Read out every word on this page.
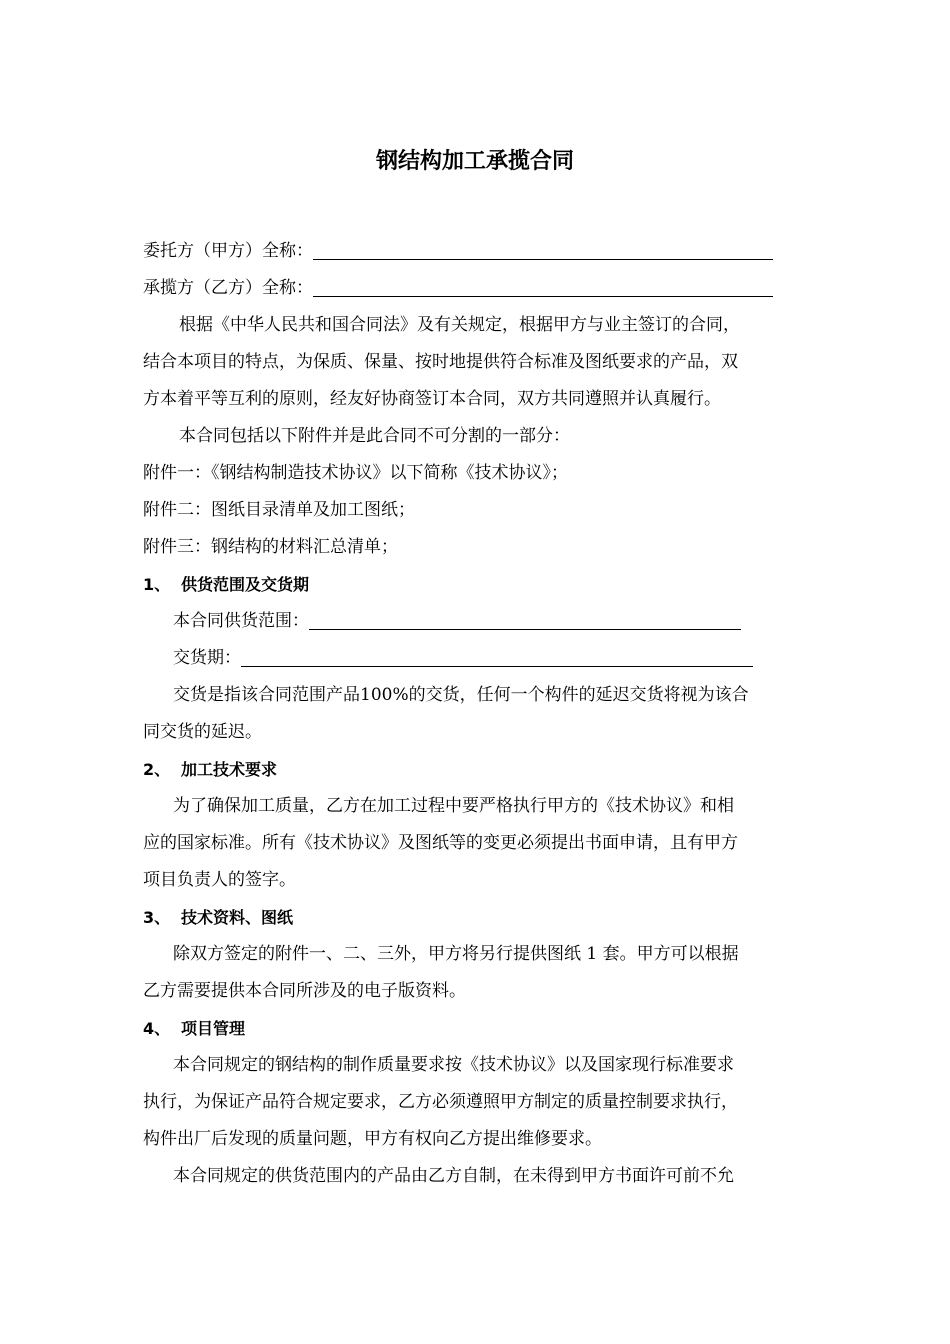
钢结构加工承揽合同
委托方（甲方）全称：
承揽方（乙方）全称：
根据《中华人民共和国合同法》及有关规定，根据甲方与业主签订的合同，
结合本项目的特点，为保质、保量、按时地提供符合标准及图纸要求的产品，双
方本着平等互利的原则，经友好协商签订本合同，双方共同遵照并认真履行。
本合同包括以下附件并是此合同不可分割的一部分：
附件一：《钢结构制造技术协议》以下简称《技术协议》；
附件二：图纸目录清单及加工图纸；
附件三：钢结构的材料汇总清单；
1、 供货范围及交货期
本合同供货范围：
交货期：
交货是指该合同范围产品100%的交货，任何一个构件的延迟交货将视为该合
同交货的延迟。
2、 加工技术要求
为了确保加工质量，乙方在加工过程中要严格执行甲方的《技术协议》和相
应的国家标准。所有《技术协议》及图纸等的变更必须提出书面申请，且有甲方
项目负责人的签字。
3、 技术资料、图纸
除双方签定的附件一、二、三外，甲方将另行提供图纸 1 套。甲方可以根据
乙方需要提供本合同所涉及的电子版资料。
4、 项目管理
本合同规定的钢结构的制作质量要求按《技术协议》以及国家现行标准要求
执行，为保证产品符合规定要求，乙方必须遵照甲方制定的质量控制要求执行，
构件出厂后发现的质量问题，甲方有权向乙方提出维修要求。
本合同规定的供货范围内的产品由乙方自制，在未得到甲方书面许可前不允
